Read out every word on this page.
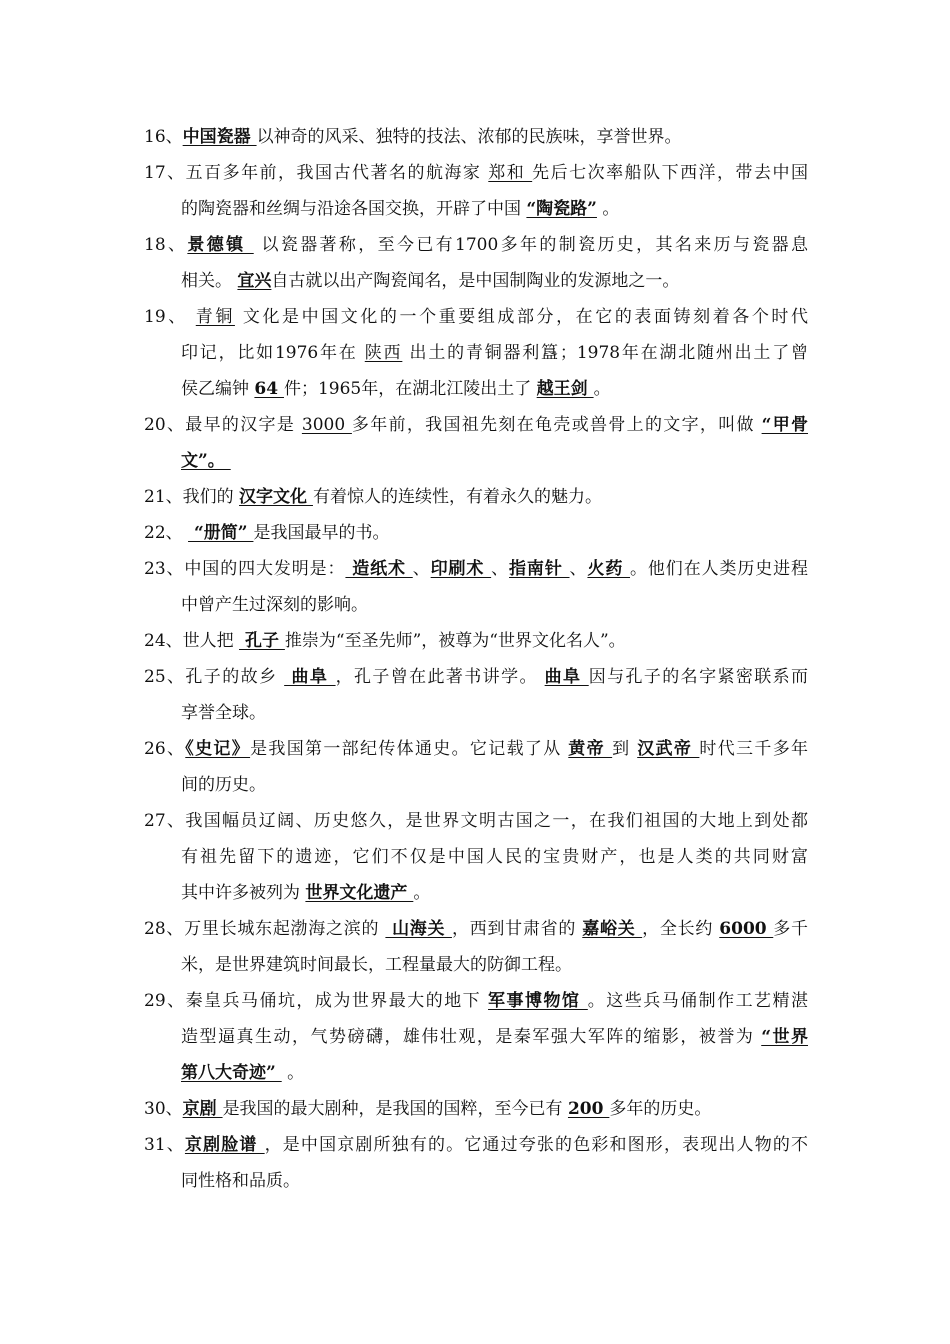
16、 中国瓷器 以神奇的风采、独特的技法、浓郁的民族味，享誉世界。
17、五百多年前，我国古代著名的航海家 郑和 先后七次率船队下西洋，带去中国
的陶瓷器和丝绸与沿途各国交换，开辟了中国 “陶瓷路” 。
18、景德镇  以瓷器著称，至今已有1700多年的制瓷历史，其名来历与瓷器息
相关。 宜兴 自古就以出产陶瓷闻名，是中国制陶业的发源地之一。
19、 青铜 文化是中国文化的一个重要组成部分，在它的表面铸刻着各个时代
印记，比如1976年在 陕西 出土的青铜器利簋；1978年在湖北随州出土了曾
侯乙编钟 64 件；1965年，在湖北江陵出土了 越王剑 。
20、最早的汉字是 3000 多年前，我国祖先刻在龟壳或兽骨上的文字，叫做 “甲骨
文”。
21、我们的 汉字文化 有着惊人的连续性，有着永久的魅力。
22、 “册简” 是我国最早的书。
23、中国的四大发明是： 造纸术 、印刷术 、指南针 、火药 。他们在人类历史进程
中曾产生过深刻的影响。
24、世人把 孔子 推崇为“至圣先师”，被尊为“世界文化名人”。
25、孔子的故乡  曲阜 ，孔子曾在此著书讲学。 曲阜 因与孔子的名字紧密联系而
享誉全球。
26、《史记》是我国第一部纪传体通史。它记载了从 黄帝 到 汉武帝 时代三千多年
间的历史。
27、我国幅员辽阔、历史悠久，是世界文明古国之一，在我们祖国的大地上到处都
有祖先留下的遗迹，它们不仅是中国人民的宝贵财产，也是人类的共同财富
其中许多被列为 世界文化遗产 。
28、万里长城东起渤海之滨的  山海关 ，西到甘肃省的 嘉峪关 ，全长约 6000 多千
米，是世界建筑时间最长，工程量最大的防御工程。
29、秦皇兵马俑坑，成为世界最大的地下 军事博物馆 。这些兵马俑制作工艺精湛
造型逼真生动，气势磅礴，雄伟壮观，是秦军强大军阵的缩影，被誉为 “世界
第八大奇迹” 。
30、 京剧 是我国的最大剧种，是我国的国粹，至今已有 200 多年的历史。
31、京剧脸谱 ，是中国京剧所独有的。它通过夸张的色彩和图形，表现出人物的不
同性格和品质。
